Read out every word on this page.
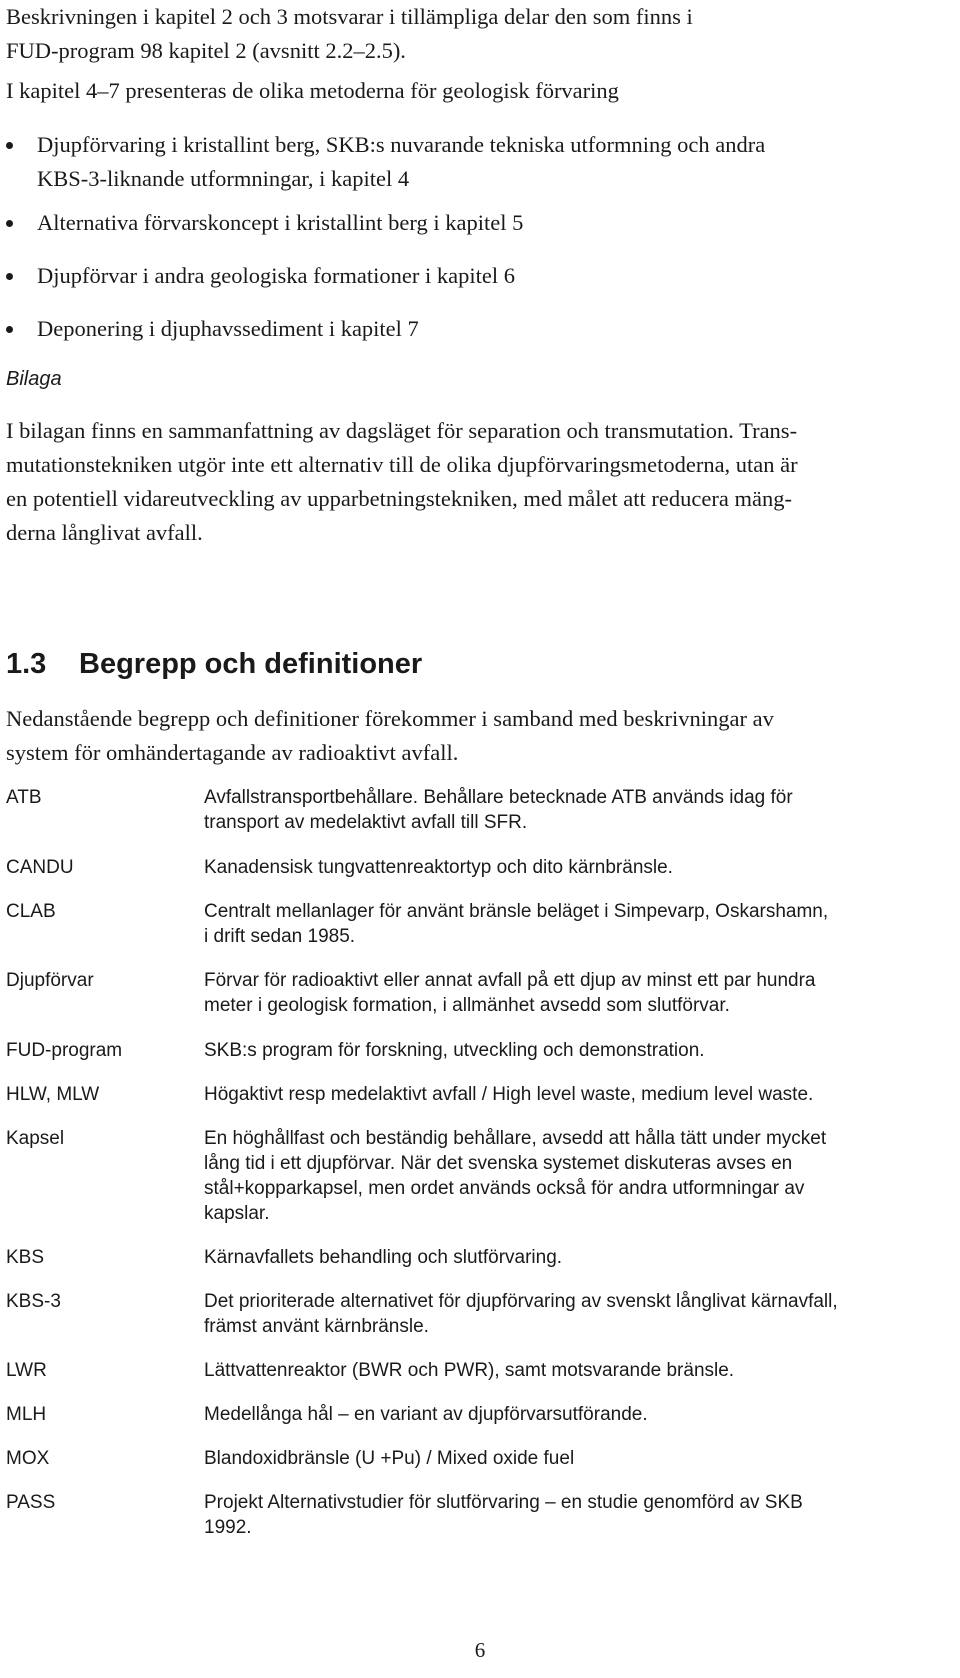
Beskrivningen i kapitel 2 och 3 motsvarar i tillämpliga delar den som finns i
FUD-program 98 kapitel 2 (avsnitt 2.2–2.5).
I kapitel 4–7 presenteras de olika metoderna för geologisk förvaring
Djupförvaring i kristallint berg, SKB:s nuvarande tekniska utformning och andra
KBS-3-liknande utformningar, i kapitel 4
Alternativa förvarskoncept i kristallint berg i kapitel 5
Djupförvar i andra geologiska formationer i kapitel 6
Deponering i djuphavssediment i kapitel 7
Bilaga
I bilagan finns en sammanfattning av dagsläget för separation och transmutation. Trans-
mutationstekniken utgör inte ett alternativ till de olika djupförvaringsmetoderna, utan är
en potentiell vidareutveckling av upparbetningstekniken, med målet att reducera mäng-
derna långlivat avfall.
1.3 Begrepp och definitioner
Nedanstående begrepp och definitioner förekommer i samband med beskrivningar av
system för omhändertagande av radioaktivt avfall.
ATB	Avfallstransportbehållare. Behållare betecknade ATB används idag för
transport av medelaktivt avfall till SFR.
CANDU	Kanadensisk tungvattenreaktortyp och dito kärnbränsle.
CLAB	Centralt mellanlager för använt bränsle beläget i Simpevarp, Oskarshamn,
i drift sedan 1985.
Djupförvar	Förvar för radioaktivt eller annat avfall på ett djup av minst ett par hundra
meter i geologisk formation, i allmänhet avsedd som slutförvar.
FUD-program	SKB:s program för forskning, utveckling och demonstration.
HLW, MLW	Högaktivt resp medelaktivt avfall / High level waste, medium level waste.
Kapsel	En höghållfast och beständig behållare, avsedd att hålla tätt under mycket
lång tid i ett djupförvar. När det svenska systemet diskuteras avses en
stål+kopparkapsel, men ordet används också för andra utformningar av
kapslar.
KBS	Kärnavfallets behandling och slutförvaring.
KBS-3	Det prioriterade alternativet för djupförvaring av svenskt långlivat kärnavfall,
främst använt kärnbränsle.
LWR	Lättvattenreaktor (BWR och PWR), samt motsvarande bränsle.
MLH	Medellånga hål – en variant av djupförvarsutförande.
MOX	Blandoxidbränsle (U +Pu) / Mixed oxide fuel
PASS	Projekt Alternativstudier för slutförvaring – en studie genomförd av SKB
1992.
6
